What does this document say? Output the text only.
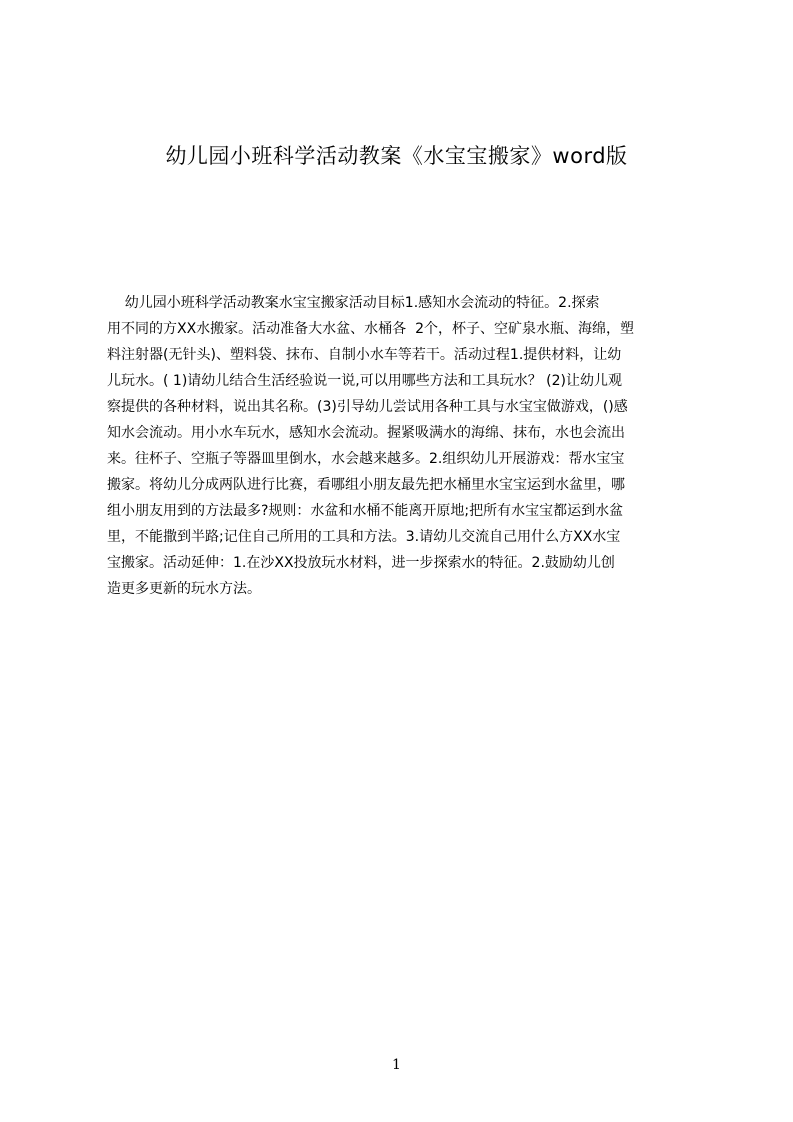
幼儿园小班科学活动教案《水宝宝搬家》word版
幼儿园小班科学活动教案水宝宝搬家活动目标1.感知水会流动的特征。2.探索
用不同的方XX水搬家。活动准备大水盆、水桶各  2个，杯子、空矿泉水瓶、海绵，塑
料注射器(无针头)、塑料袋、抹布、自制小水车等若干。活动过程1.提供材料，让幼
儿玩水。( 1)请幼儿结合生活经验说一说,可以用哪些方法和工具玩水？ (2)让幼儿观
察提供的各种材料，说出其名称。(3)引导幼儿尝试用各种工具与水宝宝做游戏，()感
知水会流动。用小水车玩水，感知水会流动。握紧吸满水的海绵、抹布，水也会流出
来。往杯子、空瓶子等器皿里倒水，水会越来越多。2.组织幼儿开展游戏：帮水宝宝
搬家。将幼儿分成两队进行比赛，看哪组小朋友最先把水桶里水宝宝运到水盆里，哪
组小朋友用到的方法最多?规则：水盆和水桶不能离开原地;把所有水宝宝都运到水盆
里，不能撒到半路;记住自己所用的工具和方法。3.请幼儿交流自己用什么方XX水宝
宝搬家。活动延伸：1.在沙XX投放玩水材料，进一步探索水的特征。2.鼓励幼儿创
造更多更新的玩水方法。
1
